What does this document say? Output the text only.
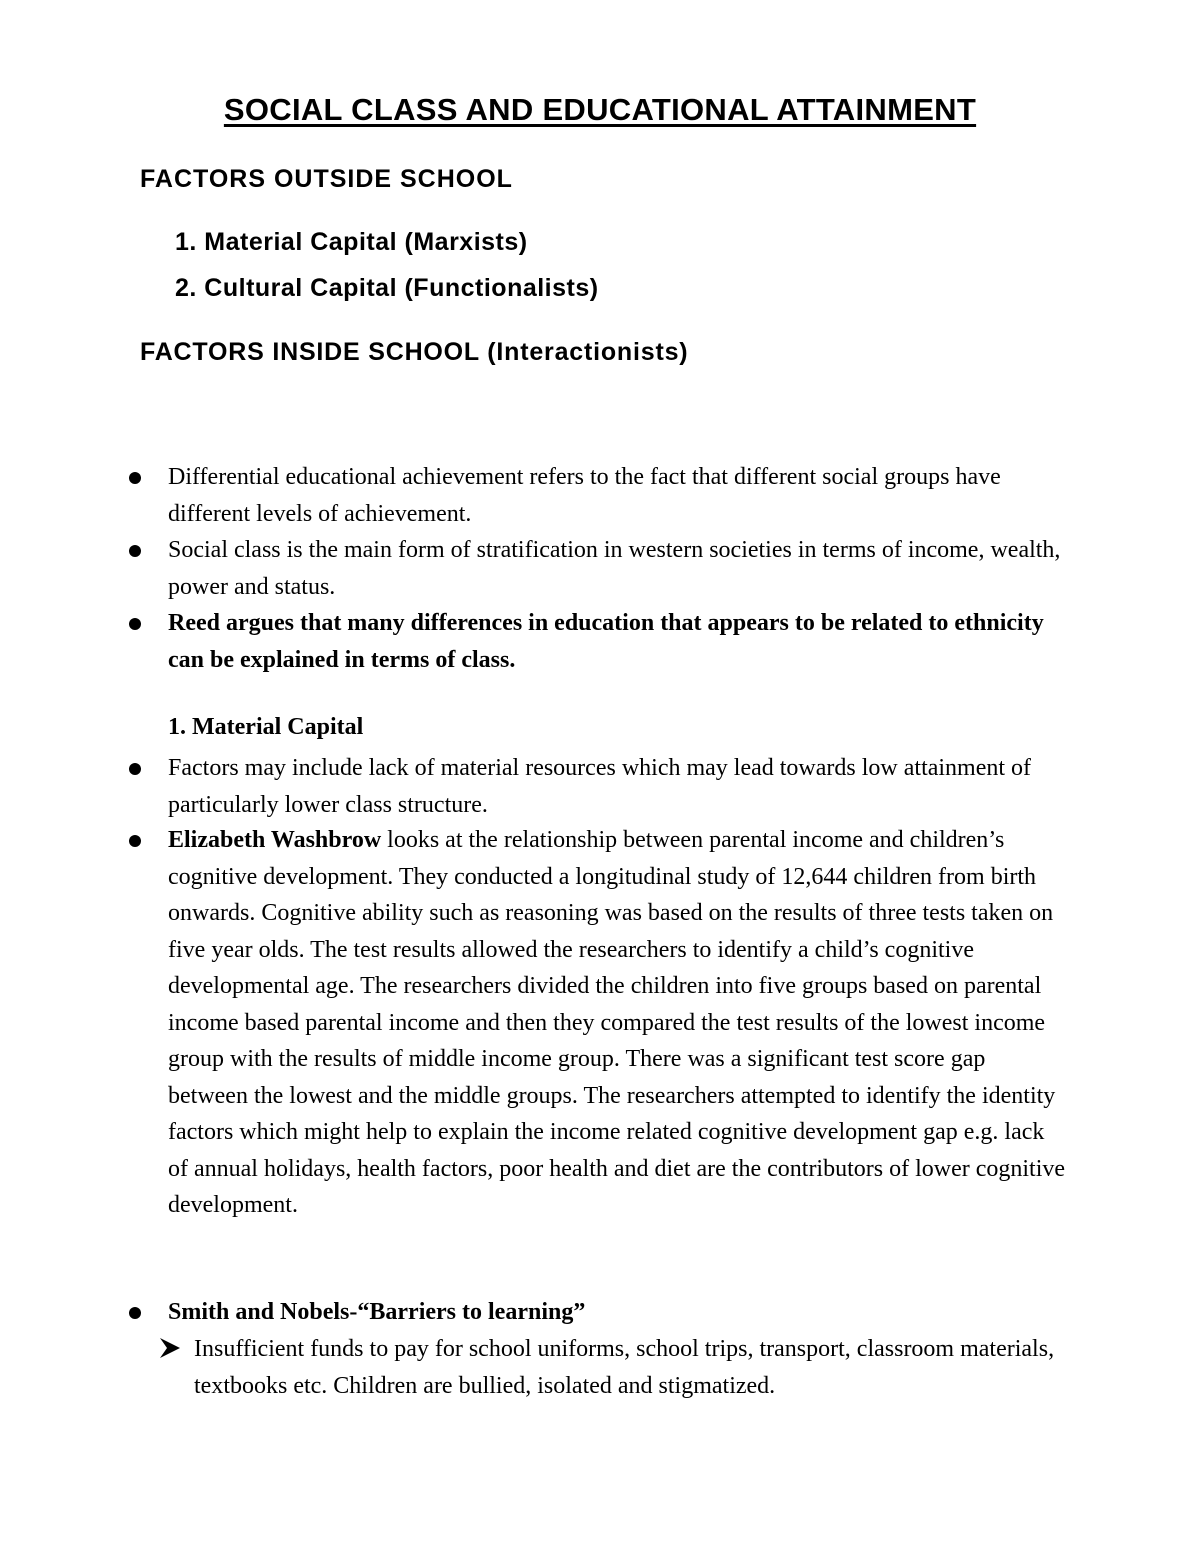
SOCIAL CLASS AND EDUCATIONAL ATTAINMENT
FACTORS OUTSIDE SCHOOL
1. Material Capital (Marxists)
2. Cultural Capital (Functionalists)
FACTORS INSIDE SCHOOL (Interactionists)
Differential educational achievement refers to the fact that different social groups have different levels of achievement.
Social class is the main form of stratification in western societies in terms of income, wealth, power and status.
Reed argues that many differences in education that appears to be related to ethnicity can be explained in terms of class.
1. Material Capital
Factors may include lack of material resources which may lead towards low attainment of particularly lower class structure.
Elizabeth Washbrow looks at the relationship between parental income and children’s cognitive development. They conducted a longitudinal study of 12,644 children from birth onwards. Cognitive ability such as reasoning was based on the results of three tests taken on five year olds. The test results allowed the researchers to identify a child’s cognitive developmental age. The researchers divided the children into five groups based on parental income based parental income and then they compared the test results of the lowest income group with the results of middle income group. There was a significant test score gap between the lowest and the middle groups. The researchers attempted to identify the identity factors which might help to explain the income related cognitive development gap e.g. lack of annual holidays, health factors, poor health and diet are the contributors of lower cognitive development.
Smith and Nobels-“Barriers to learning”
Insufficient funds to pay for school uniforms, school trips, transport, classroom materials, textbooks etc. Children are bullied, isolated and stigmatized.
